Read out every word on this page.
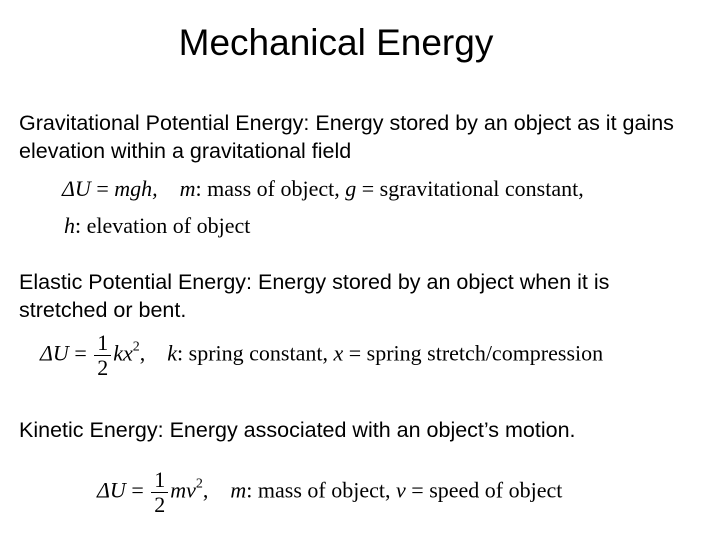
Mechanical Energy
Gravitational Potential Energy: Energy stored by an object as it gains elevation within a gravitational field
ΔU = mgh, m: mass of object, g = sgravitational constant,
h: elevation of object
Elastic Potential Energy: Energy stored by an object when it is stretched or bent.
$\Delta U = \frac{1}{2} kx^2$, k: spring constant, x = spring stretch/compression
Kinetic Energy: Energy associated with an object’s motion.
$\Delta U = \frac{1}{2} mv^2$, m: mass of object, v = speed of object
